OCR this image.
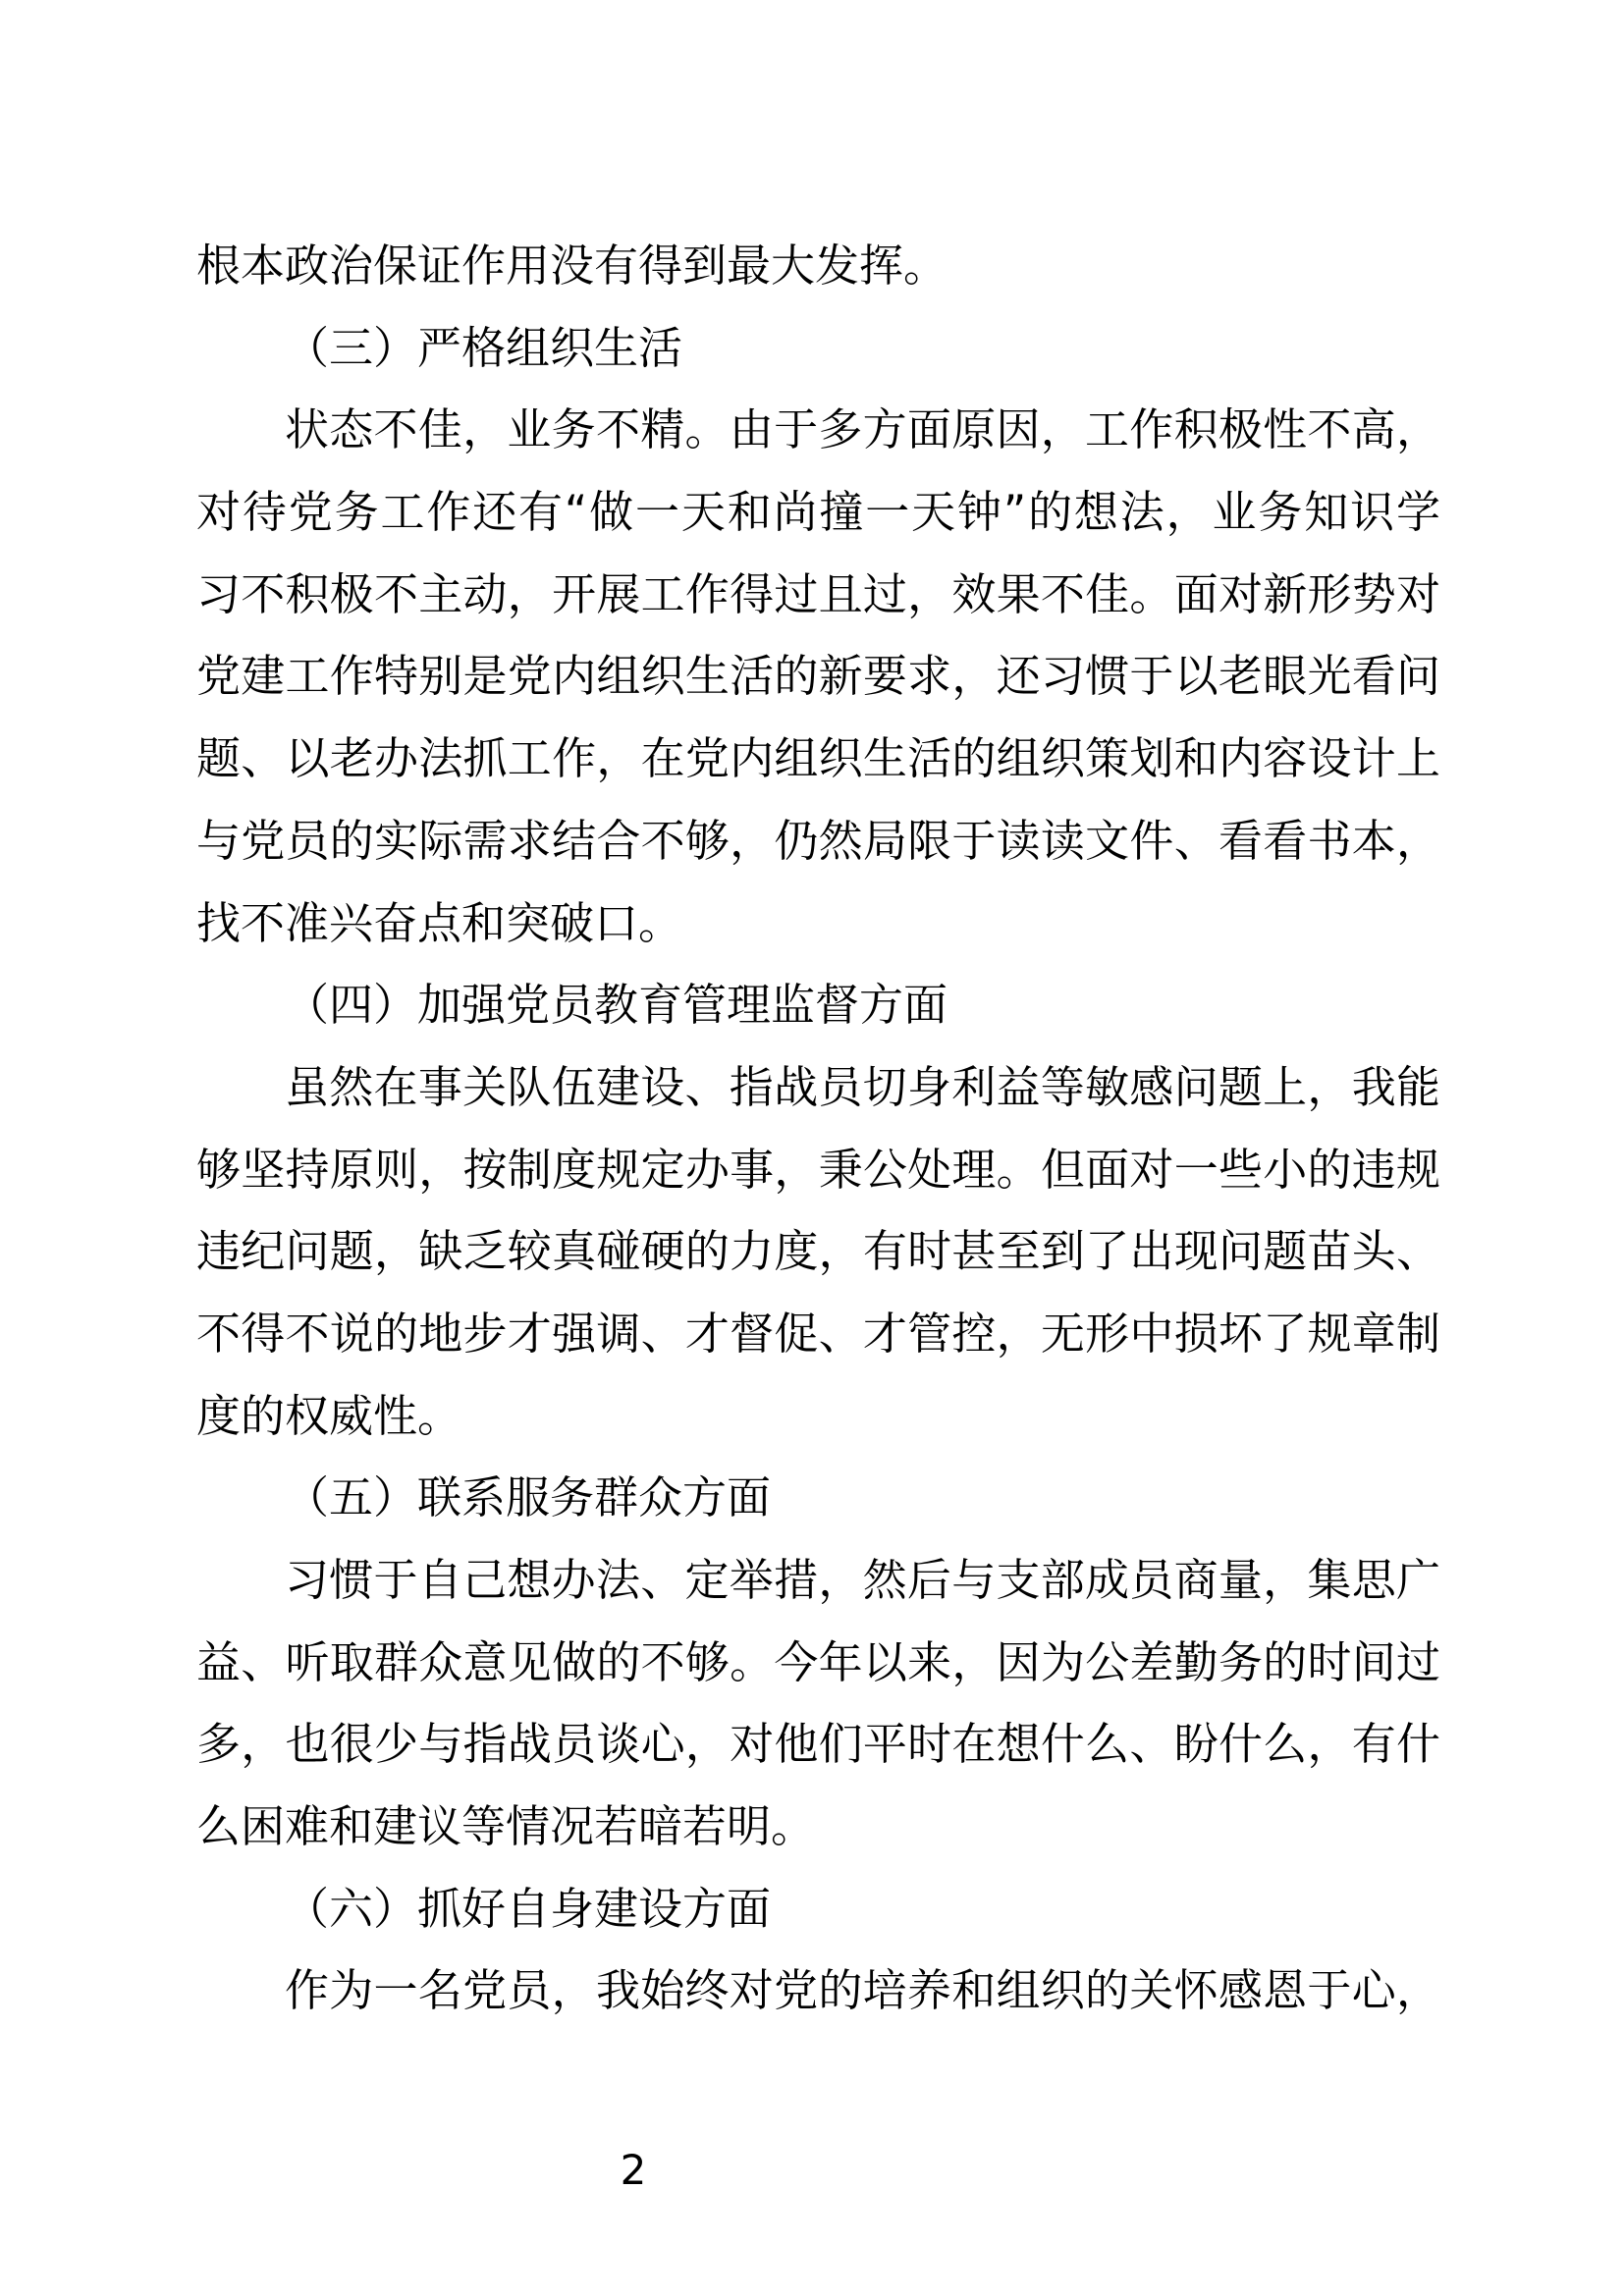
根本政治保证作用没有得到最大发挥。
（三）严格组织生活
状态不佳，业务不精。由于多方面原因，工作积极性不高，
对待党务工作还有“做一天和尚撞一天钟”的想法，业务知识学
习不积极不主动，开展工作得过且过，效果不佳。面对新形势对
党建工作特别是党内组织生活的新要求，还习惯于以老眼光看问
题、以老办法抓工作，在党内组织生活的组织策划和内容设计上
与党员的实际需求结合不够，仍然局限于读读文件、看看书本，
找不准兴奋点和突破口。
（四）加强党员教育管理监督方面
虽然在事关队伍建设、指战员切身利益等敏感问题上，我能
够坚持原则，按制度规定办事，秉公处理。但面对一些小的违规
违纪问题，缺乏较真碰硬的力度，有时甚至到了出现问题苗头、
不得不说的地步才强调、才督促、才管控，无形中损坏了规章制
度的权威性。
（五）联系服务群众方面
习惯于自己想办法、定举措，然后与支部成员商量，集思广
益、听取群众意见做的不够。今年以来，因为公差勤务的时间过
多，也很少与指战员谈心，对他们平时在想什么、盼什么，有什
么困难和建议等情况若暗若明。
（六）抓好自身建设方面
作为一名党员，我始终对党的培养和组织的关怀感恩于心，
2
